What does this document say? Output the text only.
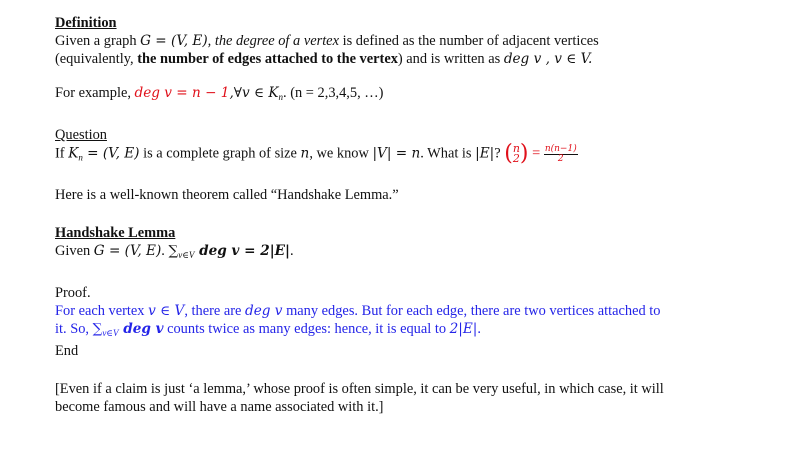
Definition
Given a graph G = (V, E), the degree of a vertex is defined as the number of adjacent vertices
(equivalently, the number of edges attached to the vertex) and is written as deg v , v ∈ V.
For example, deg v = n − 1,∀v ∈ $K_n$. (n = 2,3,4,5, …)
Question
If $K_n = (V$, E) is a complete graph of size n, we know |V| = n. What is |E|? (n
$2) = \frac{n(n-1)}{2}$
Here is a well-known theorem called “Handshake Lemma.”
Handshake Lemma
Given G = (V, E). $\sum_{v\in V}$ deg v = 2|E|.
Proof.
For each vertex v ∈ V, there are deg v many edges. But for each edge, there are two vertices attached to
it. So, $\sum_{v\in V}$ deg v counts twice as many edges: hence, it is equal to 2|E|.
End
[Even if a claim is just ‘a lemma,’ whose proof is often simple, it can be very useful, in which case, it will
become famous and will have a name associated with it.]
